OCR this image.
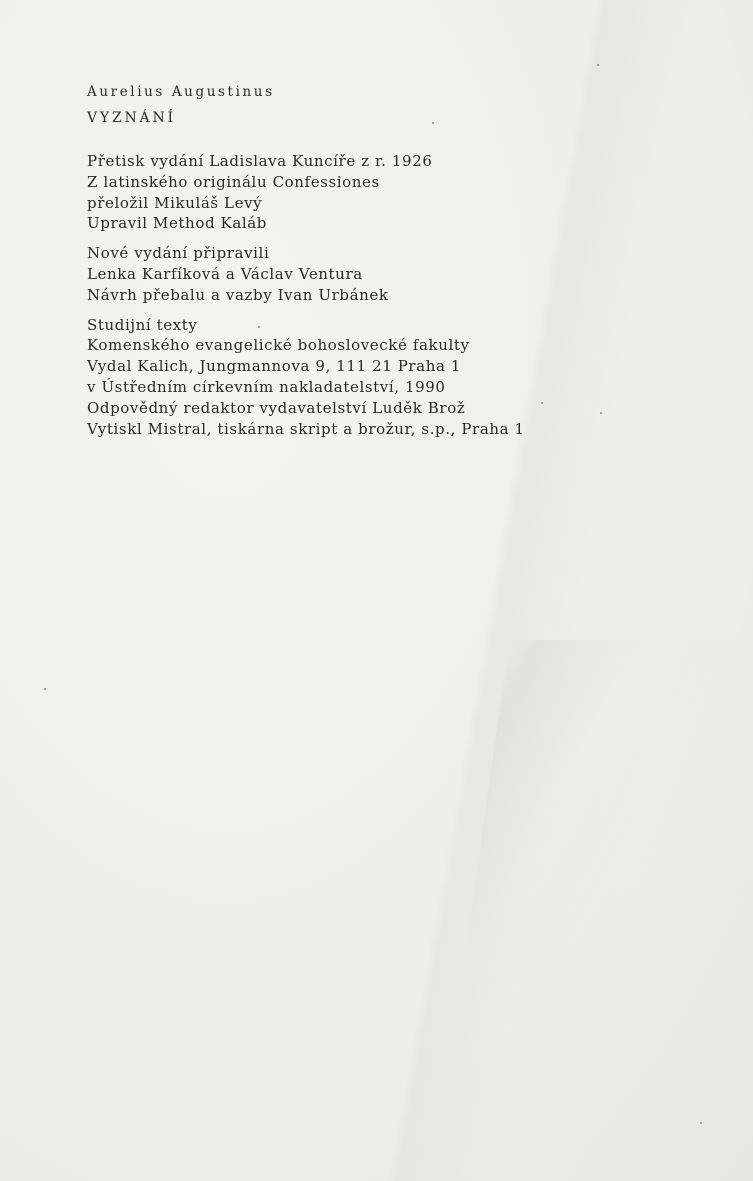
Aurelius Augustinus
VYZNÁNÍ
Přetisk vydání Ladislava Kuncíře z r. 1926
Z latinského originálu Confessiones
přeložil Mikuláš Levý
Upravil Method Kaláb
Nové vydání připravili
Lenka Karfíková a Václav Ventura
Návrh přebalu a vazby Ivan Urbánek
Studijní texty
Komenského evangelické bohoslovecké fakulty
Vydal Kalich, Jungmannova 9, 111 21 Praha 1
v Ústředním církevním nakladatelství, 1990
Odpovědný redaktor vydavatelství Luděk Brož
Vytiskl Mistral, tiskárna skript a brožur, s.p., Praha 1
